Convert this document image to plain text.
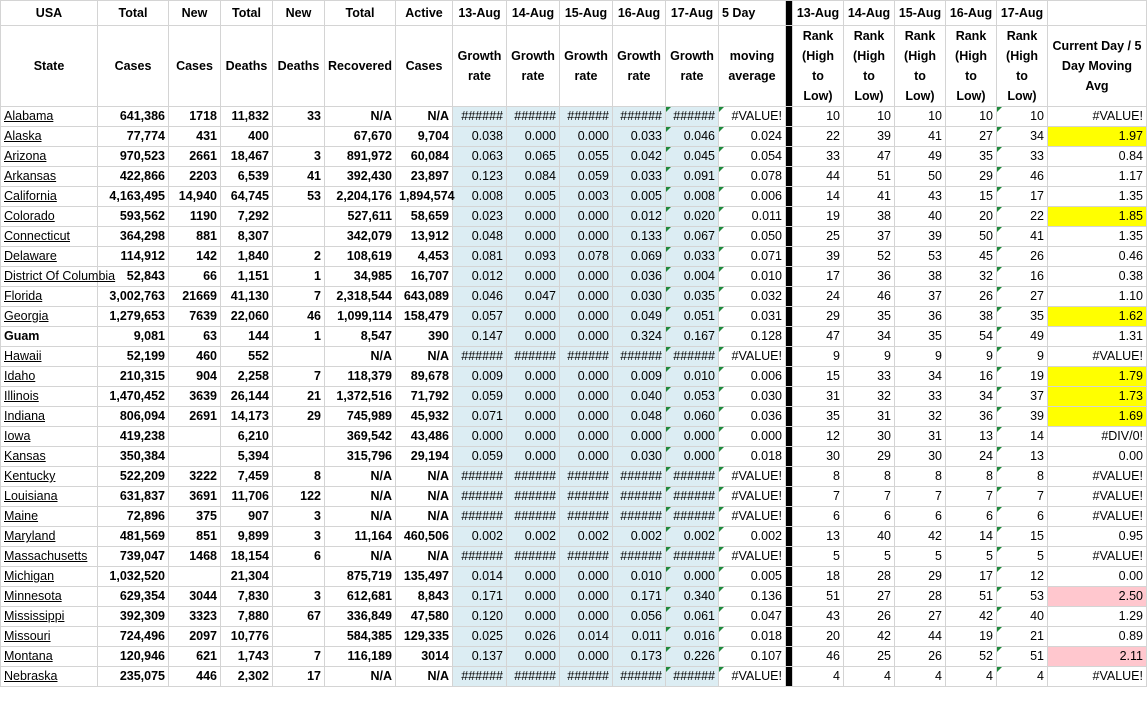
USA	Total	New	Total	New	Total	Active	13-Aug	14-Aug	15-Aug	16-Aug	17-Aug	5 Day		13-Aug	14-Aug	15-Aug	16-Aug	17-Aug	
State	Cases	Cases	Deaths	Deaths	Recovered	Cases	Growth rate	Growth rate	Growth rate	Growth rate	Growth rate	moving average		Rank (High to Low)	Rank (High to Low)	Rank (High to Low)	Rank (High to Low)	Rank (High to Low)	Current Day / 5 Day Moving Avg
Alabama	641,386	1718	11,832	33	N/A	N/A	######	######	######	######	######	#VALUE!		10	10	10	10	10	#VALUE!
Alaska	77,774	431	400		67,670	9,704	0.038	0.000	0.000	0.033	0.046	0.024		22	39	41	27	34	1.97
Arizona	970,523	2661	18,467	3	891,972	60,084	0.063	0.065	0.055	0.042	0.045	0.054		33	47	49	35	33	0.84
Arkansas	422,866	2203	6,539	41	392,430	23,897	0.123	0.084	0.059	0.033	0.091	0.078		44	51	50	29	46	1.17
California	4,163,495	14,940	64,745	53	2,204,176	1,894,574	0.008	0.005	0.003	0.005	0.008	0.006		14	41	43	15	17	1.35
Colorado	593,562	1190	7,292		527,611	58,659	0.023	0.000	0.000	0.012	0.020	0.011		19	38	40	20	22	1.85
Connecticut	364,298	881	8,307		342,079	13,912	0.048	0.000	0.000	0.133	0.067	0.050		25	37	39	50	41	1.35
Delaware	114,912	142	1,840	2	108,619	4,453	0.081	0.093	0.078	0.069	0.033	0.071		39	52	53	45	26	0.46
District Of Columbia	52,843	66	1,151	1	34,985	16,707	0.012	0.000	0.000	0.036	0.004	0.010		17	36	38	32	16	0.38
Florida	3,002,763	21669	41,130	7	2,318,544	643,089	0.046	0.047	0.000	0.030	0.035	0.032		24	46	37	26	27	1.10
Georgia	1,279,653	7639	22,060	46	1,099,114	158,479	0.057	0.000	0.000	0.049	0.051	0.031		29	35	36	38	35	1.62
Guam	9,081	63	144	1	8,547	390	0.147	0.000	0.000	0.324	0.167	0.128		47	34	35	54	49	1.31
Hawaii	52,199	460	552		N/A	N/A	######	######	######	######	######	#VALUE!		9	9	9	9	9	#VALUE!
Idaho	210,315	904	2,258	7	118,379	89,678	0.009	0.000	0.000	0.009	0.010	0.006		15	33	34	16	19	1.79
Illinois	1,470,452	3639	26,144	21	1,372,516	71,792	0.059	0.000	0.000	0.040	0.053	0.030		31	32	33	34	37	1.73
Indiana	806,094	2691	14,173	29	745,989	45,932	0.071	0.000	0.000	0.048	0.060	0.036		35	31	32	36	39	1.69
Iowa	419,238		6,210		369,542	43,486	0.000	0.000	0.000	0.000	0.000	0.000		12	30	31	13	14	#DIV/0!
Kansas	350,384		5,394		315,796	29,194	0.059	0.000	0.000	0.030	0.000	0.018		30	29	30	24	13	0.00
Kentucky	522,209	3222	7,459	8	N/A	N/A	######	######	######	######	######	#VALUE!		8	8	8	8	8	#VALUE!
Louisiana	631,837	3691	11,706	122	N/A	N/A	######	######	######	######	######	#VALUE!		7	7	7	7	7	#VALUE!
Maine	72,896	375	907	3	N/A	N/A	######	######	######	######	######	#VALUE!		6	6	6	6	6	#VALUE!
Maryland	481,569	851	9,899	3	11,164	460,506	0.002	0.002	0.002	0.002	0.002	0.002		13	40	42	14	15	0.95
Massachusetts	739,047	1468	18,154	6	N/A	N/A	######	######	######	######	######	#VALUE!		5	5	5	5	5	#VALUE!
Michigan	1,032,520		21,304		875,719	135,497	0.014	0.000	0.000	0.010	0.000	0.005		18	28	29	17	12	0.00
Minnesota	629,354	3044	7,830	3	612,681	8,843	0.171	0.000	0.000	0.171	0.340	0.136		51	27	28	51	53	2.50
Mississippi	392,309	3323	7,880	67	336,849	47,580	0.120	0.000	0.000	0.056	0.061	0.047		43	26	27	42	40	1.29
Missouri	724,496	2097	10,776		584,385	129,335	0.025	0.026	0.014	0.011	0.016	0.018		20	42	44	19	21	0.89
Montana	120,946	621	1,743	7	116,189	3014	0.137	0.000	0.000	0.173	0.226	0.107		46	25	26	52	51	2.11
Nebraska	235,075	446	2,302	17	N/A	N/A	######	######	######	######	######	#VALUE!		4	4	4	4	4	#VALUE!
